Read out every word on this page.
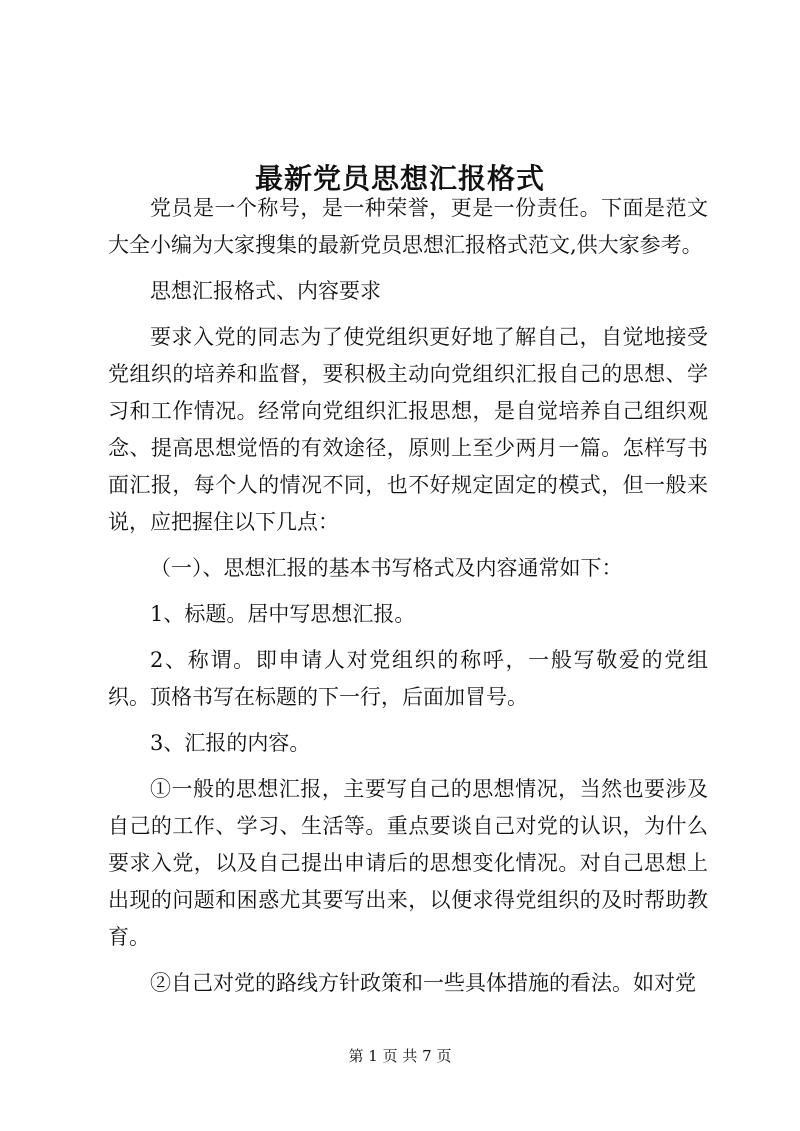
最新党员思想汇报格式

党员是一个称号，是一种荣誉，更是一份责任。下面是范文大全小编为大家搜集的最新党员思想汇报格式范文,供大家参考。

思想汇报格式、内容要求

要求入党的同志为了使党组织更好地了解自己，自觉地接受党组织的培养和监督，要积极主动向党组织汇报自己的思想、学习和工作情况。经常向党组织汇报思想，是自觉培养自己组织观念、提高思想觉悟的有效途径，原则上至少两月一篇。怎样写书面汇报，每个人的情况不同，也不好规定固定的模式，但一般来说，应把握住以下几点：

（一）、思想汇报的基本书写格式及内容通常如下：

1、标题。居中写思想汇报。

2、称谓。即申请人对党组织的称呼，一般写敬爱的党组织。顶格书写在标题的下一行，后面加冒号。

3、汇报的内容。

①一般的思想汇报，主要写自己的思想情况，当然也要涉及自己的工作、学习、生活等。重点要谈自己对党的认识，为什么要求入党，以及自己提出申请后的思想变化情况。对自己思想上出现的问题和困惑尤其要写出来，以便求得党组织的及时帮助教育。

②自己对党的路线方针政策和一些具体措施的看法。如对党

第 1 页 共 7 页
